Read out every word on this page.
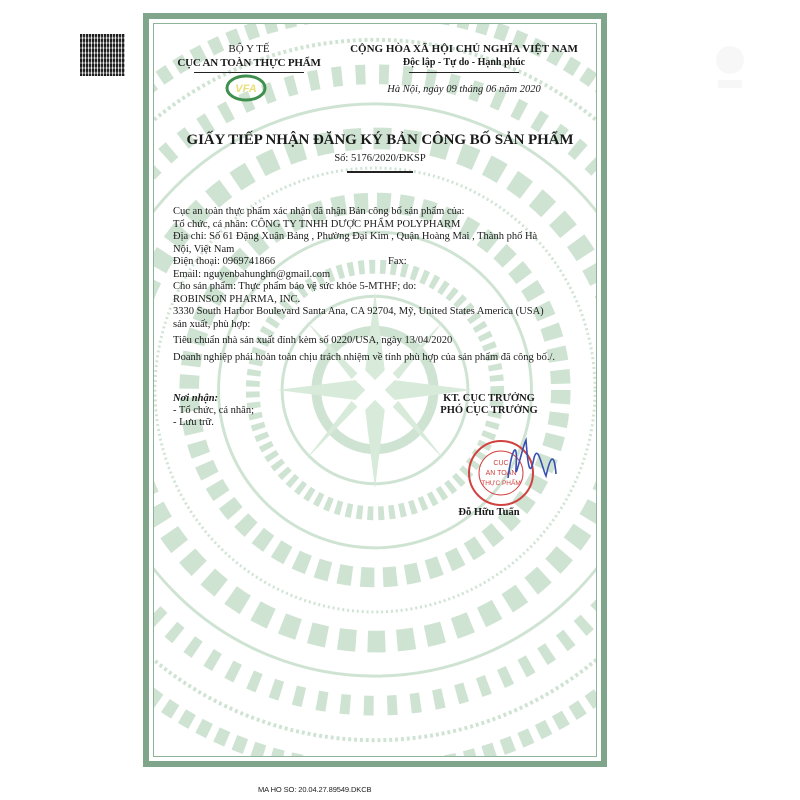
BỘ Y TẾ
CỤC AN TOÀN THỰC PHẨM
VFA
CỘNG HÒA XÃ HỘI CHỦ NGHĨA VIỆT NAM
Độc lập - Tự do - Hạnh phúc
Hà Nội, ngày 09 tháng 06 năm 2020
GIẤY TIẾP NHẬN ĐĂNG KÝ BẢN CÔNG BỐ SẢN PHẨM
Số: 5176/2020/ĐKSP
Cục an toàn thực phẩm xác nhận đã nhận Bản công bố sản phẩm của:
Tổ chức, cá nhân: CÔNG TY TNHH DƯỢC PHẨM POLYPHARM
Địa chỉ: Số 61 Đặng Xuân Bảng , Phường Đại Kim , Quận Hoàng Mai , Thành phố Hà
Nội, Việt Nam
Điện thoại: 0969741866	Fax:
Email: nguyenbahunghn@gmail.com
Cho sản phẩm: Thực phẩm bảo vệ sức khỏe 5-MTHF; do:
ROBINSON PHARMA, INC.
3330 South Harbor Boulevard Santa Ana, CA 92704, Mỹ, United States America (USA)
sản xuất, phù hợp:
Tiêu chuẩn nhà sản xuất đính kèm số 0220/USA, ngày 13/04/2020
Doanh nghiệp phải hoàn toàn chịu trách nhiệm về tính phù hợp của sản phẩm đã công bố./.
Nơi nhận:
- Tổ chức, cá nhân;
- Lưu trữ.
KT. CỤC TRƯỞNG
PHÓ CỤC TRƯỞNG
CỤC
AN TOÀN
THỰC PHẨM
Đỗ Hữu Tuấn
MA HO SO: 20.04.27.89549.DKCB
